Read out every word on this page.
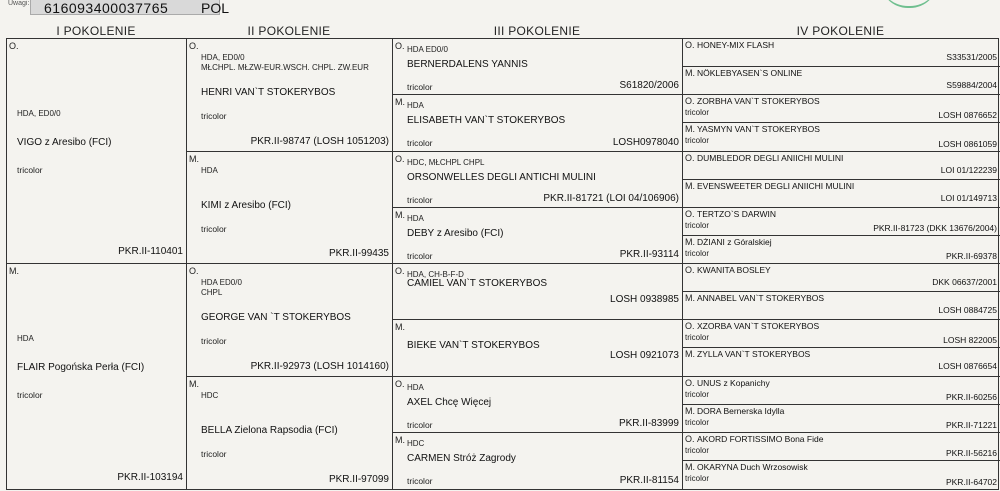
Uwagi: 616093400037765 POL
I POKOLENIE	II POKOLENIE	III POKOLENIE	IV POKOLENIE
O.
HDA, ED0/0
VIGO z Aresibo (FCI)
tricolor
PKR.II-110401
M.
HDA
FLAIR Pogońska Perła (FCI)
tricolor
PKR.II-103194
O.
HDA, ED0/0
MŁCHPL. MŁZW-EUR.WSCH. CHPL. ZW.EUR
HENRI VAN`T STOKERYBOS
tricolor
PKR.II-98747 (LOSH 1051203)
M.
HDA
KIMI z Aresibo (FCI)
tricolor
PKR.II-99435
O.
HDA ED0/0
CHPL
GEORGE VAN `T STOKERYBOS
tricolor
PKR.II-92973 (LOSH 1014160)
M.
HDC
BELLA Zielona Rapsodia (FCI)
tricolor
PKR.II-97099
O. HDA ED0/0
BERNERDALENS YANNIS
tricolor	S61820/2006
M. HDA
ELISABETH VAN`T STOKERYBOS
tricolor	LOSH0978040
O. HDC, MŁCHPL CHPL
ORSONWELLES DEGLI ANTICHI MULINI
tricolor	PKR.II-81721 (LOI 04/106906)
M. HDA
DEBY z Aresibo (FCI)
tricolor	PKR.II-93114
O. HDA, CH-B-F-D
CAMIEL VAN`T STOKERYBOS
LOSH 0938985
M.
BIEKE VAN`T STOKERYBOS
LOSH 0921073
O. HDA
AXEL Chcę Więcej
tricolor	PKR.II-83999
M. HDC
CARMEN Stróż Zagrody
tricolor	PKR.II-81154
O. HONEY-MIX FLASH
S33531/2005
M. NÖKLEBYASEN`S ONLINE
S59884/2004
O. ZORBHA VAN`T STOKERYBOS
tricolor	LOSH 0876652
M. YASMYN VAN`T STOKERYBOS
tricolor	LOSH 0861059
O. DUMBLEDOR DEGLI ANIICHI MULINI
LOI 01/122239
M. EVENSWEETER DEGLI ANIICHI MULINI
LOI 01/149713
O. TERTZO`S DARWIN
tricolor	PKR.II-81723 (DKK 13676/2004)
M. DŻIANI z Góralskiej
tricolor	PKR.II-69378
O. KWANITA BOSLEY
DKK 06637/2001
M. ANNABEL VAN`T STOKERYBOS
LOSH 0884725
O. XZORBA VAN`T STOKERYBOS
tricolor	LOSH 822005
M. ZYLLA VAN`T STOKERYBOS
LOSH 0876654
O. UNUS z Kopanichy
tricolor	PKR.II-60256
M. DORA Bernerska Idylla
tricolor	PKR.II-71221
O. AKORD FORTISSIMO Bona Fide
tricolor	PKR.II-56216
M. OKARYNA Duch Wrzosowisk
tricolor	PKR.II-64702
